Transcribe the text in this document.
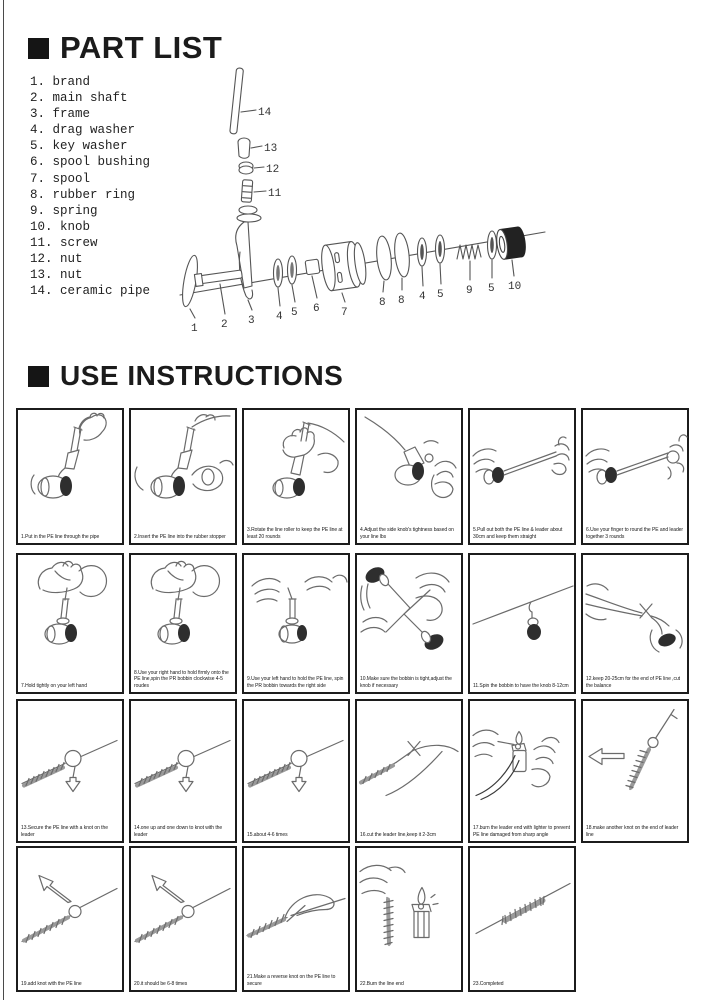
PART LIST
1. brand
2. main shaft
3. frame
4. drag washer
5. key washer
6. spool bushing
7. spool
8. rubber ring
9. spring
10. knob
11. screw
12. nut
13. nut
14. ceramic pipe
14
13
12
11
1 2 3 4 5 6 7
8 8 4 5 9 5 10
USE INSTRUCTIONS
1.Put in the PE line through the pipe	2.Insert the PE line into the rubber stopper
3.Rotate the line roller to keep the PE line at least 20 rounds
4.Adjust the side knob's tightness based on your line lbs
5.Pull out both the PE line & leader about 30cm and keep them straight
6.Use your finger to round the PE and leader together 3 rounds
7.Hold tightly on your left hand
8.Use your right hand to hold firmly onto the PE line,spin the PR bobbin clockwise 4-5 roudes
9.Use your left hand to hold the PE line, spin the PR bobbin towards the right side
10.Make sure the bobbin is tight,adjust the knob if necessary	11.Spin the bobbin to have the knob 8-12cm
12.keep 20-25cm for the end of PE line ,cut the balance
13.Secure the PE line with a knot on the leader
14.one up and one down to knot with the leader	15.about 4-6 times	16.cut the leader line,keep it 2-3cm
17.burn the leader end with lighter to prevent PE line damaged from sharp angle
18.make another knot on the end of leader line
19.add knot with the PE line	20.it should be 6-8 times
21.Make a reverse knot on the PE line to secure	22.Burn the line end	23.Completed
